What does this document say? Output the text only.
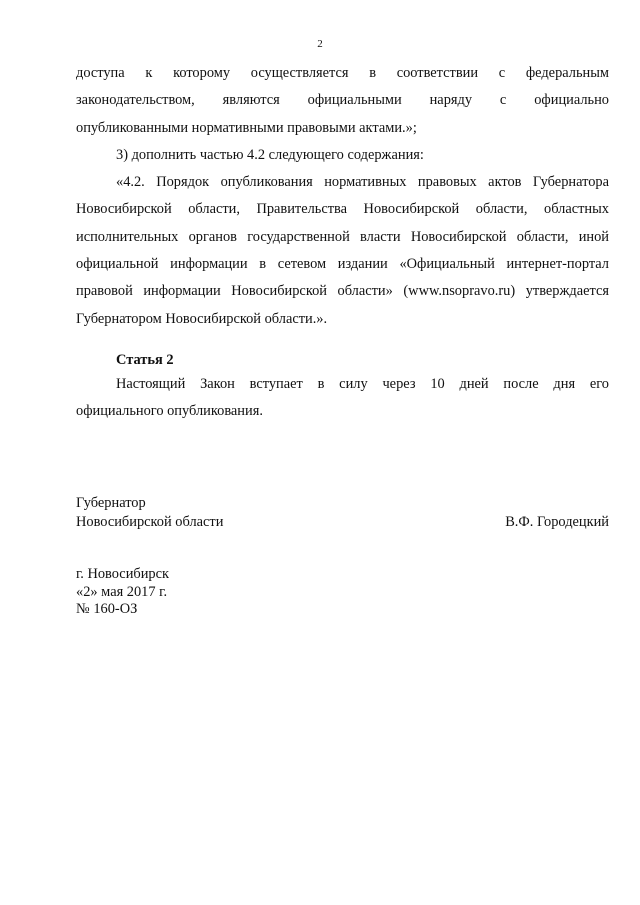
2
доступа к которому осуществляется в соответствии с федеральным
законодательством, являются официальными наряду с официально
опубликованными нормативными правовыми актами.»;
3) дополнить частью 4.2 следующего содержания:
«4.2. Порядок опубликования нормативных правовых актов Губернатора
Новосибирской области, Правительства Новосибирской области, областных
исполнительных органов государственной власти Новосибирской области, иной
официальной информации в сетевом издании «Официальный интернет-портал
правовой информации Новосибирской области» (www.nsopravo.ru) утверждается
Губернатором Новосибирской области.».
Статья 2
Настоящий Закон вступает в силу через 10 дней после дня его
официального опубликования.
Губернатор
Новосибирской области	В.Ф. Городецкий
г. Новосибирск
«2» мая 2017 г.
№ 160-ОЗ
